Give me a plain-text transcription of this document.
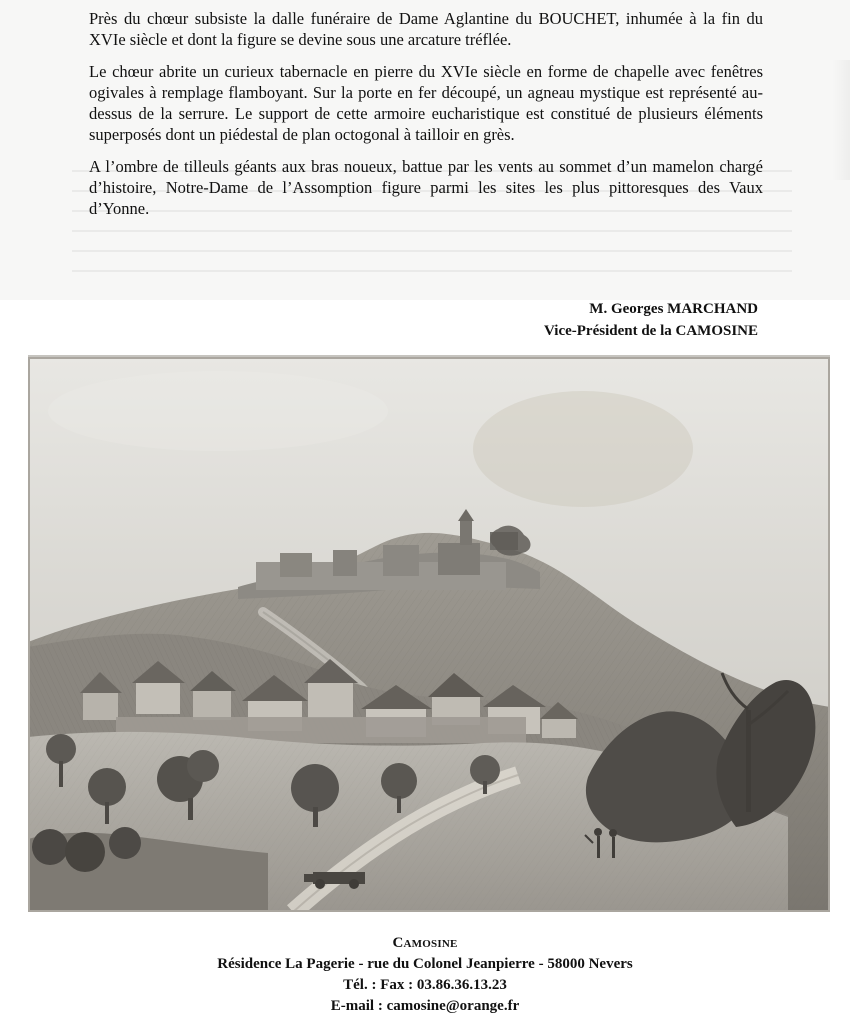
Près du chœur subsiste la dalle funéraire de Dame Aglantine du BOUCHET, inhumée à la fin du XVIe siècle et dont la figure se devine sous une arcature tréflée.

Le chœur abrite un curieux tabernacle en pierre du XVIe siècle en forme de chapelle avec fenêtres ogivales à remplage flamboyant. Sur la porte en fer découpé, un agneau mystique est représenté au-dessus de la serrure. Le support de cette armoire eucharistique est constitué de plusieurs éléments superposés dont un piédestal de plan octogonal à tailloir en grès.

A l’ombre de tilleuls géants aux bras noueux, battue par les vents au sommet d’un mamelon chargé d’histoire, Notre-Dame de l’Assomption figure parmi les sites les plus pittoresques des Vaux d’Yonne.

M. Georges MARCHAND
Vice-Président de la CAMOSINE
Camosine
Résidence La Pagerie - rue du Colonel Jeanpierre - 58000 Nevers
Tél. : Fax : 03.86.36.13.23
E-mail : camosine@orange.fr
